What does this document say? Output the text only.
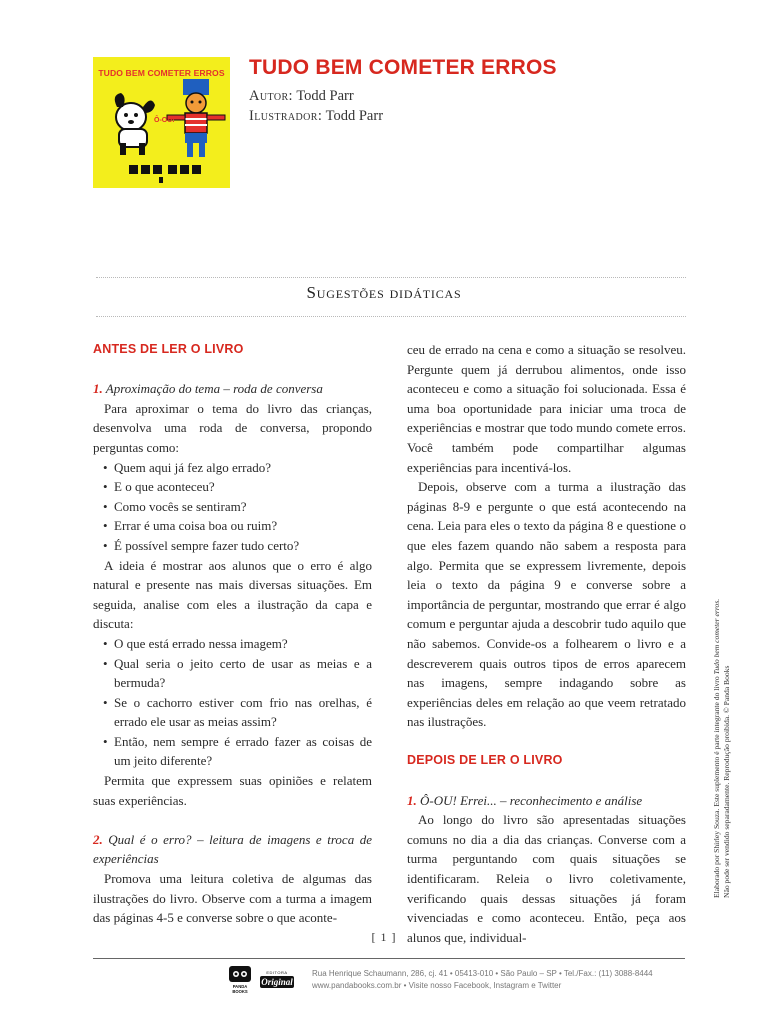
TUDO BEM COMETER ERROS
Ô-OU!
TUDO BEM COMETER ERROS
Autor: Todd Parr
Ilustrador: Todd Parr
Sugestões didáticas

ANTES DE LER O LIVRO

1. Aproximação do tema – roda de conversa

Para aproximar o tema do livro das crianças, desenvolva uma roda de conversa, propondo perguntas como:

• Quem aqui já fez algo errado?
• E o que aconteceu?
• Como vocês se sentiram?
• Errar é uma coisa boa ou ruim?
• É possível sempre fazer tudo certo?

A ideia é mostrar aos alunos que o erro é algo natural e presente nas mais diversas situações. Em seguida, analise com eles a ilustração da capa e discuta:

• O que está errado nessa imagem?
• Qual seria o jeito certo de usar as meias e a bermuda?
• Se o cachorro estiver com frio nas orelhas, é errado ele usar as meias assim?
• Então, nem sempre é errado fazer as coisas de um jeito diferente?

Permita que expressem suas opiniões e relatem suas experiências.

2. Qual é o erro? – leitura de imagens e troca de experiências

Promova uma leitura coletiva de algumas das ilustrações do livro. Observe com a turma a imagem das páginas 4-5 e converse sobre o que aconte-

ceu de errado na cena e como a situação se resolveu. Pergunte quem já derrubou alimentos, onde isso aconteceu e como a situação foi solucionada. Essa é uma boa oportunidade para iniciar uma troca de experiências e mostrar que todo mundo comete erros. Você também pode compartilhar algumas experiências para incentivá-los.

Depois, observe com a turma a ilustração das páginas 8-9 e pergunte o que está acontecendo na cena. Leia para eles o texto da página 8 e questione o que eles fazem quando não sabem a resposta para algo. Permita que se expressem livremente, depois leia o texto da página 9 e converse sobre a importância de perguntar, mostrando que errar é algo comum e perguntar ajuda a descobrir tudo aquilo que não sabemos. Convide-os a folhearem o livro e a descreverem quais outros tipos de erros aparecem nas imagens, sempre indagando sobre as experiências deles em relação ao que veem retratado nas ilustrações.

DEPOIS DE LER O LIVRO

1. Ô-OU! Errei... – reconhecimento e análise

Ao longo do livro são apresentadas situações comuns no dia a dia das crianças. Converse com a turma perguntando com quais situações se identificaram. Releia o livro coletivamente, verificando quais dessas situações já foram vivenciadas e como aconteceu. Então, peça aos alunos que, individual-

Elaborado por Shirley Souza. Este suplemento é parte integrante do livro Tudo bem cometer erros.
Não pode ser vendido separadamente. Reprodução proibida. © Panda Books
[ 1 ]
PANDA
BOOKS
EDITORA
Original
Rua Henrique Schaumann, 286, cj. 41 • 05413-010 • São Paulo – SP • Tel./Fax.: (11) 3088-8444
www.pandabooks.com.br • Visite nosso Facebook, Instagram e Twitter
